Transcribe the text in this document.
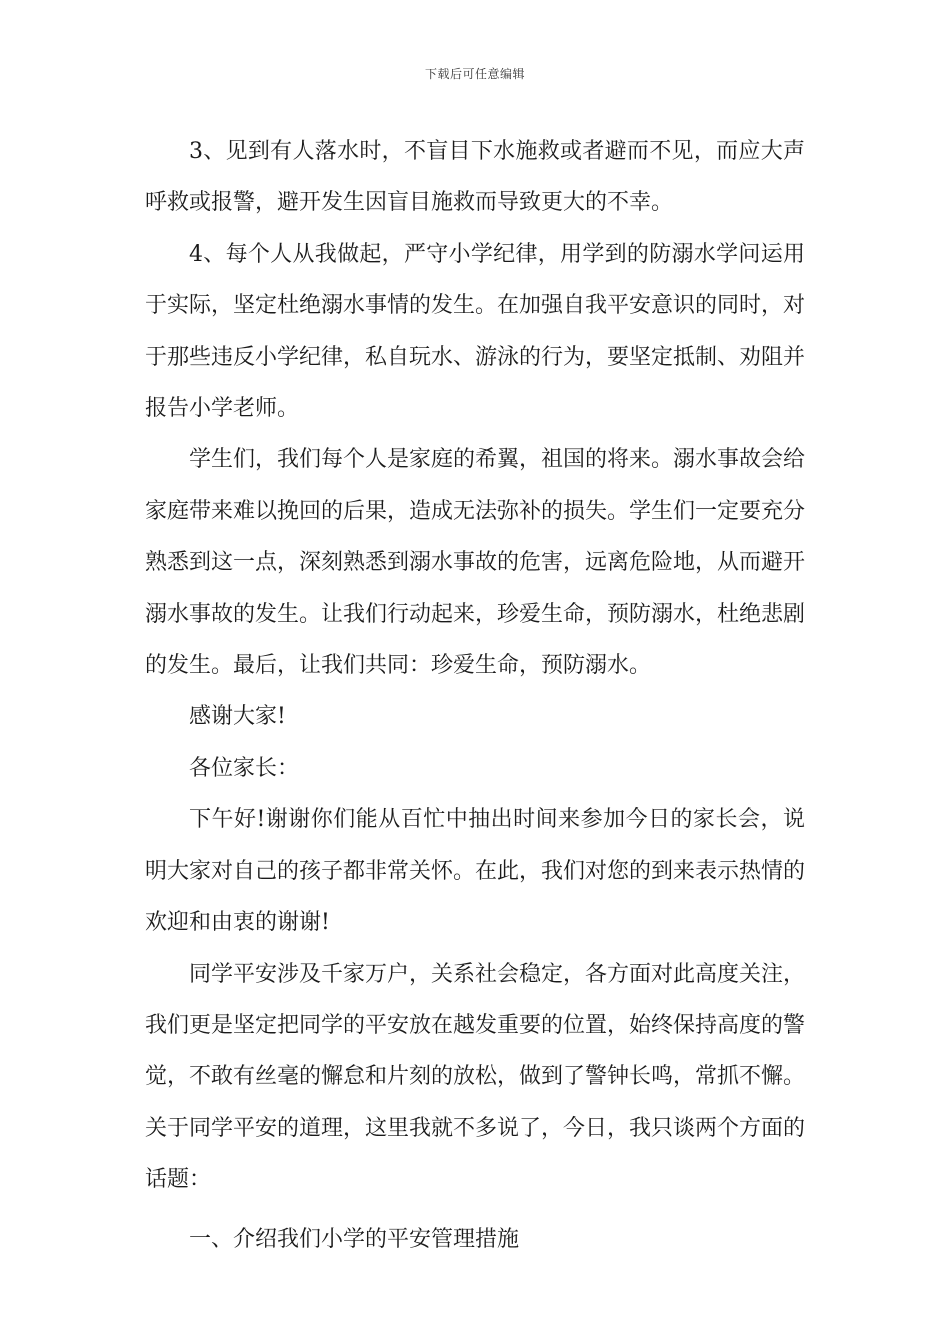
下载后可任意编辑

3、见到有人落水时，不盲目下水施救或者避而不见，而应大声呼救或报警，避开发生因盲目施救而导致更大的不幸。

4、每个人从我做起，严守小学纪律，用学到的防溺水学问运用于实际，坚定杜绝溺水事情的发生。在加强自我平安意识的同时，对于那些违反小学纪律，私自玩水、游泳的行为，要坚定抵制、劝阻并报告小学老师。

学生们，我们每个人是家庭的希翼，祖国的将来。溺水事故会给家庭带来难以挽回的后果，造成无法弥补的损失。学生们一定要充分熟悉到这一点，深刻熟悉到溺水事故的危害，远离危险地，从而避开溺水事故的发生。让我们行动起来，珍爱生命，预防溺水，杜绝悲剧的发生。最后，让我们共同：珍爱生命，预防溺水。

感谢大家!

各位家长：

下午好!谢谢你们能从百忙中抽出时间来参加今日的家长会，说明大家对自己的孩子都非常关怀。在此，我们对您的到来表示热情的欢迎和由衷的谢谢!

同学平安涉及千家万户，关系社会稳定，各方面对此高度关注，我们更是坚定把同学的平安放在越发重要的位置，始终保持高度的警觉，不敢有丝毫的懈怠和片刻的放松，做到了警钟长鸣，常抓不懈。关于同学平安的道理，这里我就不多说了，今日，我只谈两个方面的话题：

一、介绍我们小学的平安管理措施
